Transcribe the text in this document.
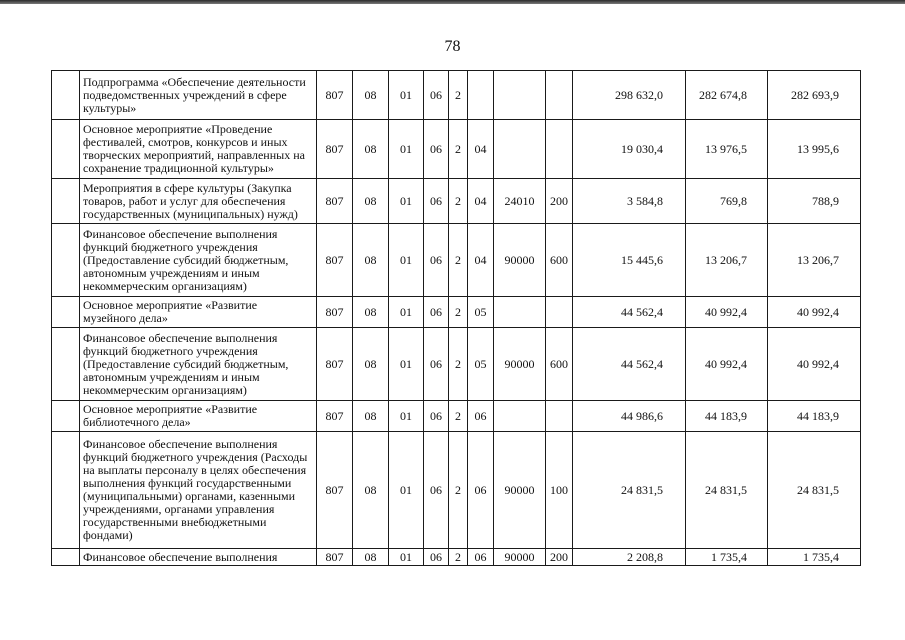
78
	Подпрограмма «Обеспечение деятельности подведомственных учреждений в сфере культуры»	807	08	01	06	2				298 632,0	282 674,8	282 693,9
	Основное мероприятие «Проведение фестивалей, смотров, конкурсов и иных творческих мероприятий, направленных на сохранение традиционной культуры»	807	08	01	06	2	04			19 030,4	13 976,5	13 995,6
	Мероприятия в сфере культуры (Закупка товаров, работ и услуг для обеспечения государственных (муниципальных) нужд)	807	08	01	06	2	04	24010	200	3 584,8	769,8	788,9
	Финансовое обеспечение выполнения функций бюджетного учреждения (Предоставление субсидий бюджетным, автономным учреждениям и иным некоммерческим организациям)	807	08	01	06	2	04	90000	600	15 445,6	13 206,7	13 206,7
	Основное мероприятие «Развитие музейного дела»	807	08	01	06	2	05			44 562,4	40 992,4	40 992,4
	Финансовое обеспечение выполнения функций бюджетного учреждения (Предоставление субсидий бюджетным, автономным учреждениям и иным некоммерческим организациям)	807	08	01	06	2	05	90000	600	44 562,4	40 992,4	40 992,4
	Основное мероприятие «Развитие библиотечного дела»	807	08	01	06	2	06			44 986,6	44 183,9	44 183,9
	Финансовое обеспечение выполнения функций бюджетного учреждения (Расходы на выплаты персоналу в целях обеспечения выполнения функций государственными (муниципальными) органами, казенными учреждениями, органами управления государственными внебюджетными фондами)	807	08	01	06	2	06	90000	100	24 831,5	24 831,5	24 831,5
	Финансовое обеспечение выполнения	807	08	01	06	2	06	90000	200	2 208,8	1 735,4	1 735,4
